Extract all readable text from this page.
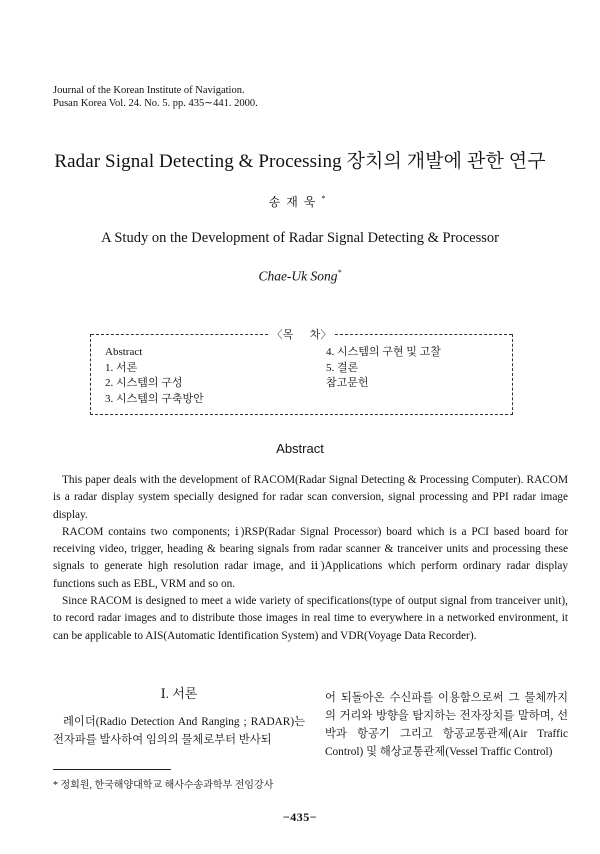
Journal of the Korean Institute of Navigation.
Pusan Korea Vol. 24. No. 5. pp. 435∼441. 2000.
Radar Signal Detecting & Processing 장치의 개발에 관한 연구
송재욱*
A Study on the Development of Radar Signal Detecting & Processor
Chae-Uk Song*
〈목      차〉
Abstract
1. 서론
2. 시스템의 구성
3. 시스템의 구축방안
4. 시스템의 구현 및 고찰
5. 결론
참고문헌
Abstract

This paper deals with the development of RACOM(Radar Signal Detecting & Processing Computer). RACOM is a radar display system specially designed for radar scan conversion, signal processing and PPI radar image display.

RACOM contains two components; ⅰ)RSP(Radar Signal Processor) board which is a PCI based board for receiving video, trigger, heading & bearing signals from radar scanner & tranceiver units and processing these signals to generate high resolution radar image, and ⅱ)Applications which perform ordinary radar display functions such as EBL, VRM and so on.

Since RACOM is designed to meet a wide variety of specifications(type of output signal from tranceiver unit), to record radar images and to distribute those images in real time to everywhere in a networked environment, it can be applicable to AIS(Automatic Identification System) and VDR(Voyage Data Recorder).

Ⅰ. 서론
레이더(Radio Detection And Ranging ; RADAR)는 전자파를 발사하여 임의의 물체로부터 반사되
어 되돌아온 수신파를 이용함으로써 그 물체까지의 거리와 방향을 탐지하는 전자장치를 말하며, 선박과 항공기 그리고 항공교통관제(Air Traffic Control) 및 해상교통관제(Vessel Traffic Control)
* 정회원, 한국해양대학교 해사수송과학부 전임강사
−435−
